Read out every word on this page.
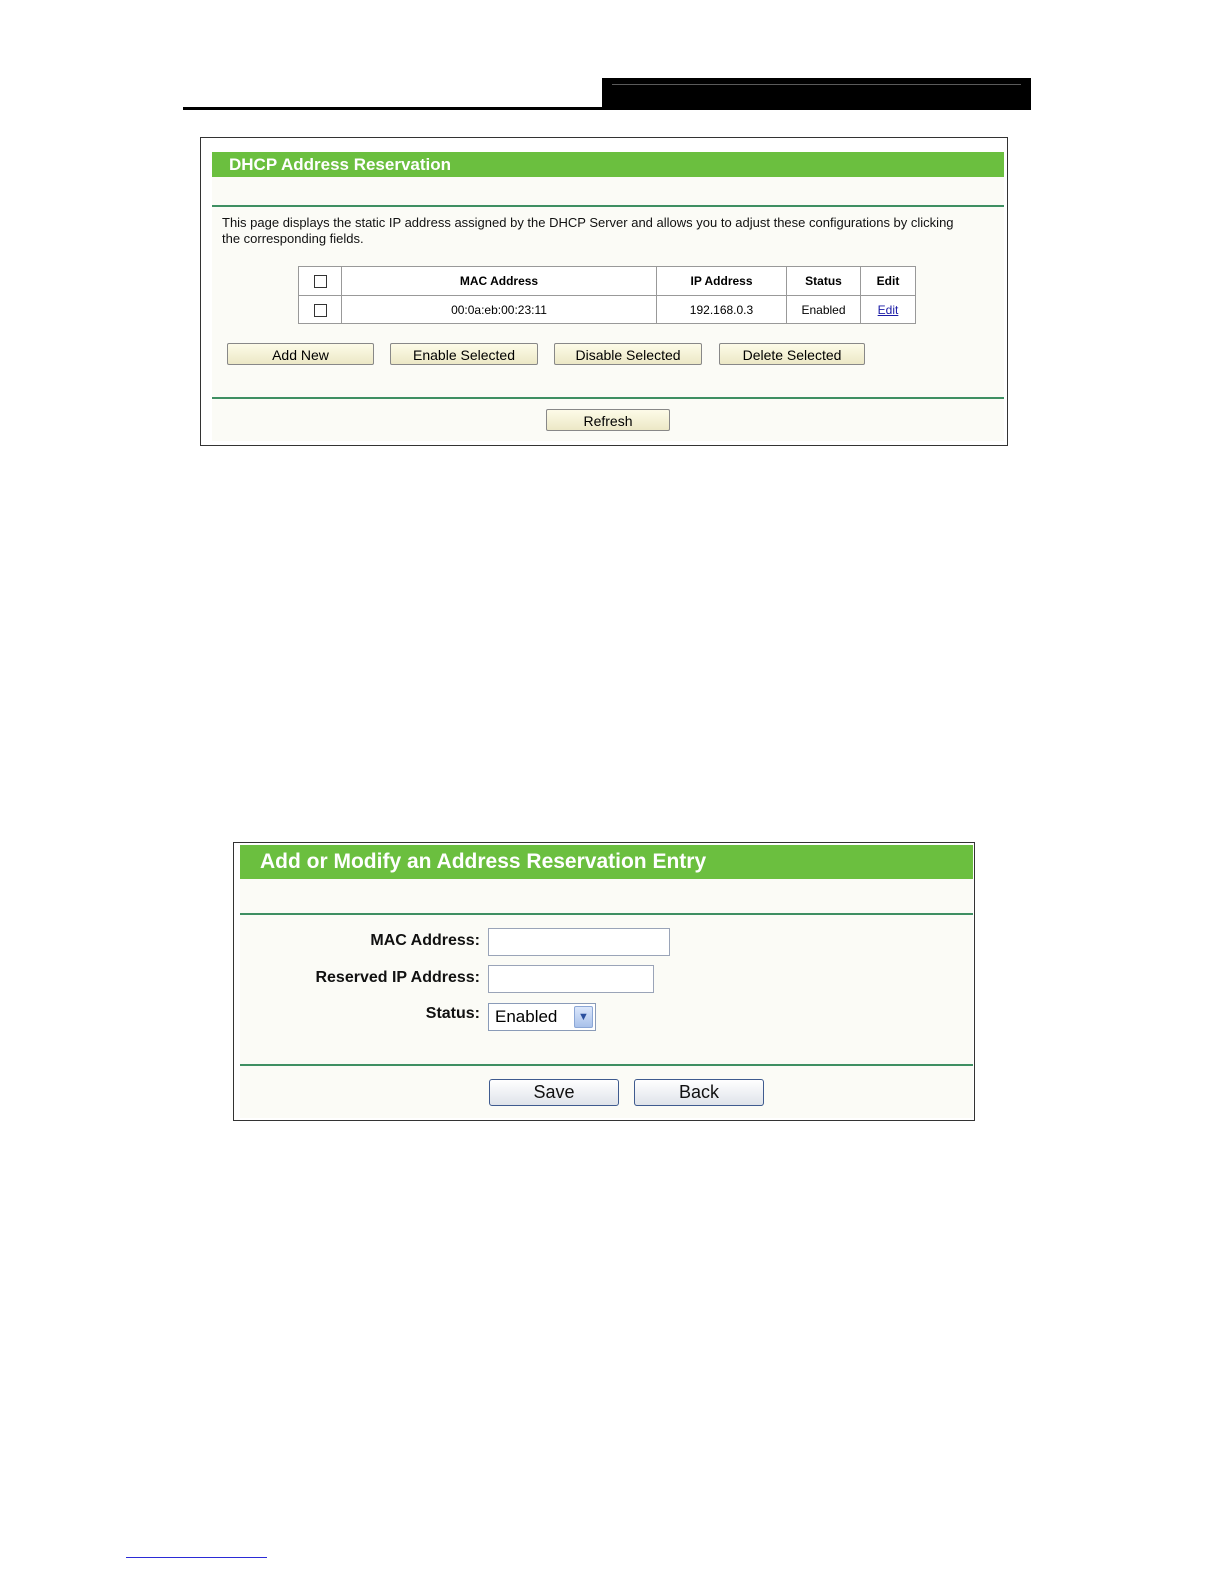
DHCP Address Reservation
This page displays the static IP address assigned by the DHCP Server and allows you to adjust these configurations by clicking the corresponding fields.
	MAC Address	IP Address	Status	Edit
	00:0a:eb:00:23:11	192.168.0.3	Enabled	Edit
Add New	Enable Selected	Disable Selected	Delete Selected
Refresh
Add or Modify an Address Reservation Entry
MAC Address:
Reserved IP Address:
Status: Enabled	▼
Save	Back
